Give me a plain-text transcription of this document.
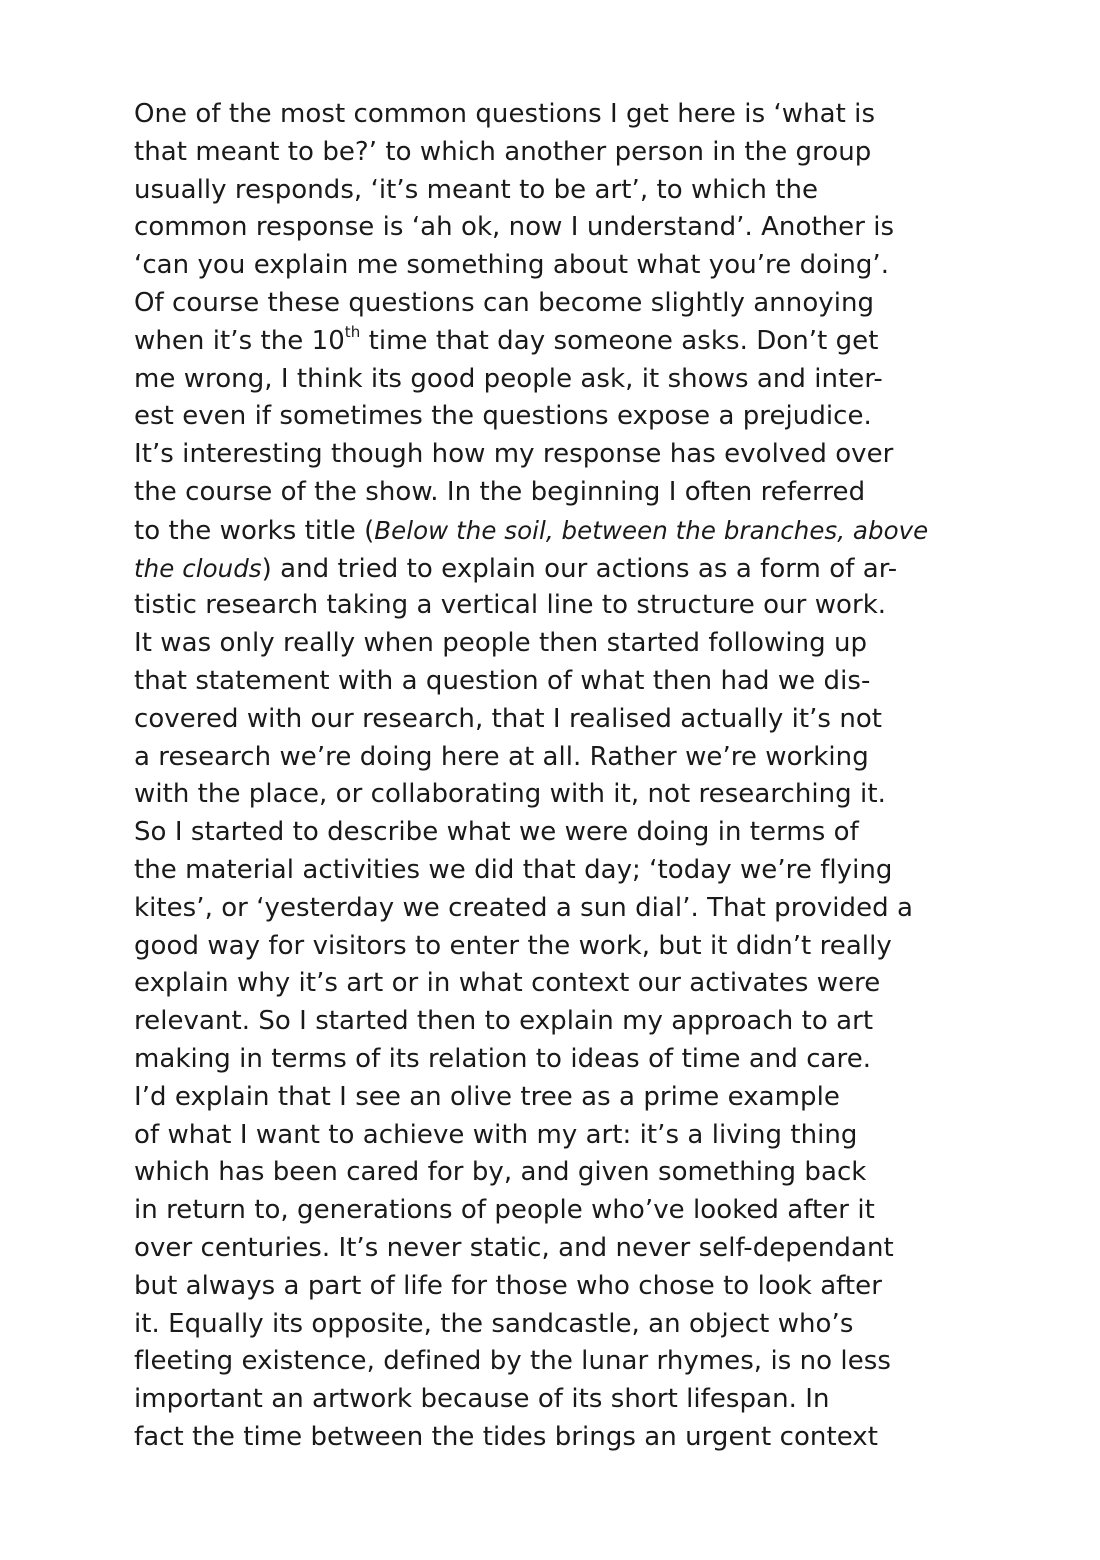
One of the most common questions I get here is ‘what is
that meant to be?’ to which another person in the group
usually responds, ‘it’s meant to be art’, to which the
common response is ‘ah ok, now I understand’. Another is
‘can you explain me something about what you’re doing’.
Of course these questions can become slightly annoying
when it’s the 10th time that day someone asks. Don’t get
me wrong, I think its good people ask, it shows and inter-
est even if sometimes the questions expose a prejudice.
It’s interesting though how my response has evolved over
the course of the show. In the beginning I often referred
to the works title (Below the soil, between the branches, above
the clouds) and tried to explain our actions as a form of ar-
tistic research taking a vertical line to structure our work.
It was only really when people then started following up
that statement with a question of what then had we dis-
covered with our research, that I realised actually it’s not
a research we’re doing here at all. Rather we’re working
with the place, or collaborating with it, not researching it.
So I started to describe what we were doing in terms of
the material activities we did that day; ‘today we’re flying
kites’, or ‘yesterday we created a sun dial’. That provided a
good way for visitors to enter the work, but it didn’t really
explain why it’s art or in what context our activates were
relevant. So I started then to explain my approach to art
making in terms of its relation to ideas of time and care.
I’d explain that I see an olive tree as a prime example
of what I want to achieve with my art: it’s a living thing
which has been cared for by, and given something back
in return to, generations of people who’ve looked after it
over centuries. It’s never static, and never self-dependant
but always a part of life for those who chose to look after
it. Equally its opposite, the sandcastle, an object who’s
fleeting existence, defined by the lunar rhymes, is no less
important an artwork because of its short lifespan. In
fact the time between the tides brings an urgent context
